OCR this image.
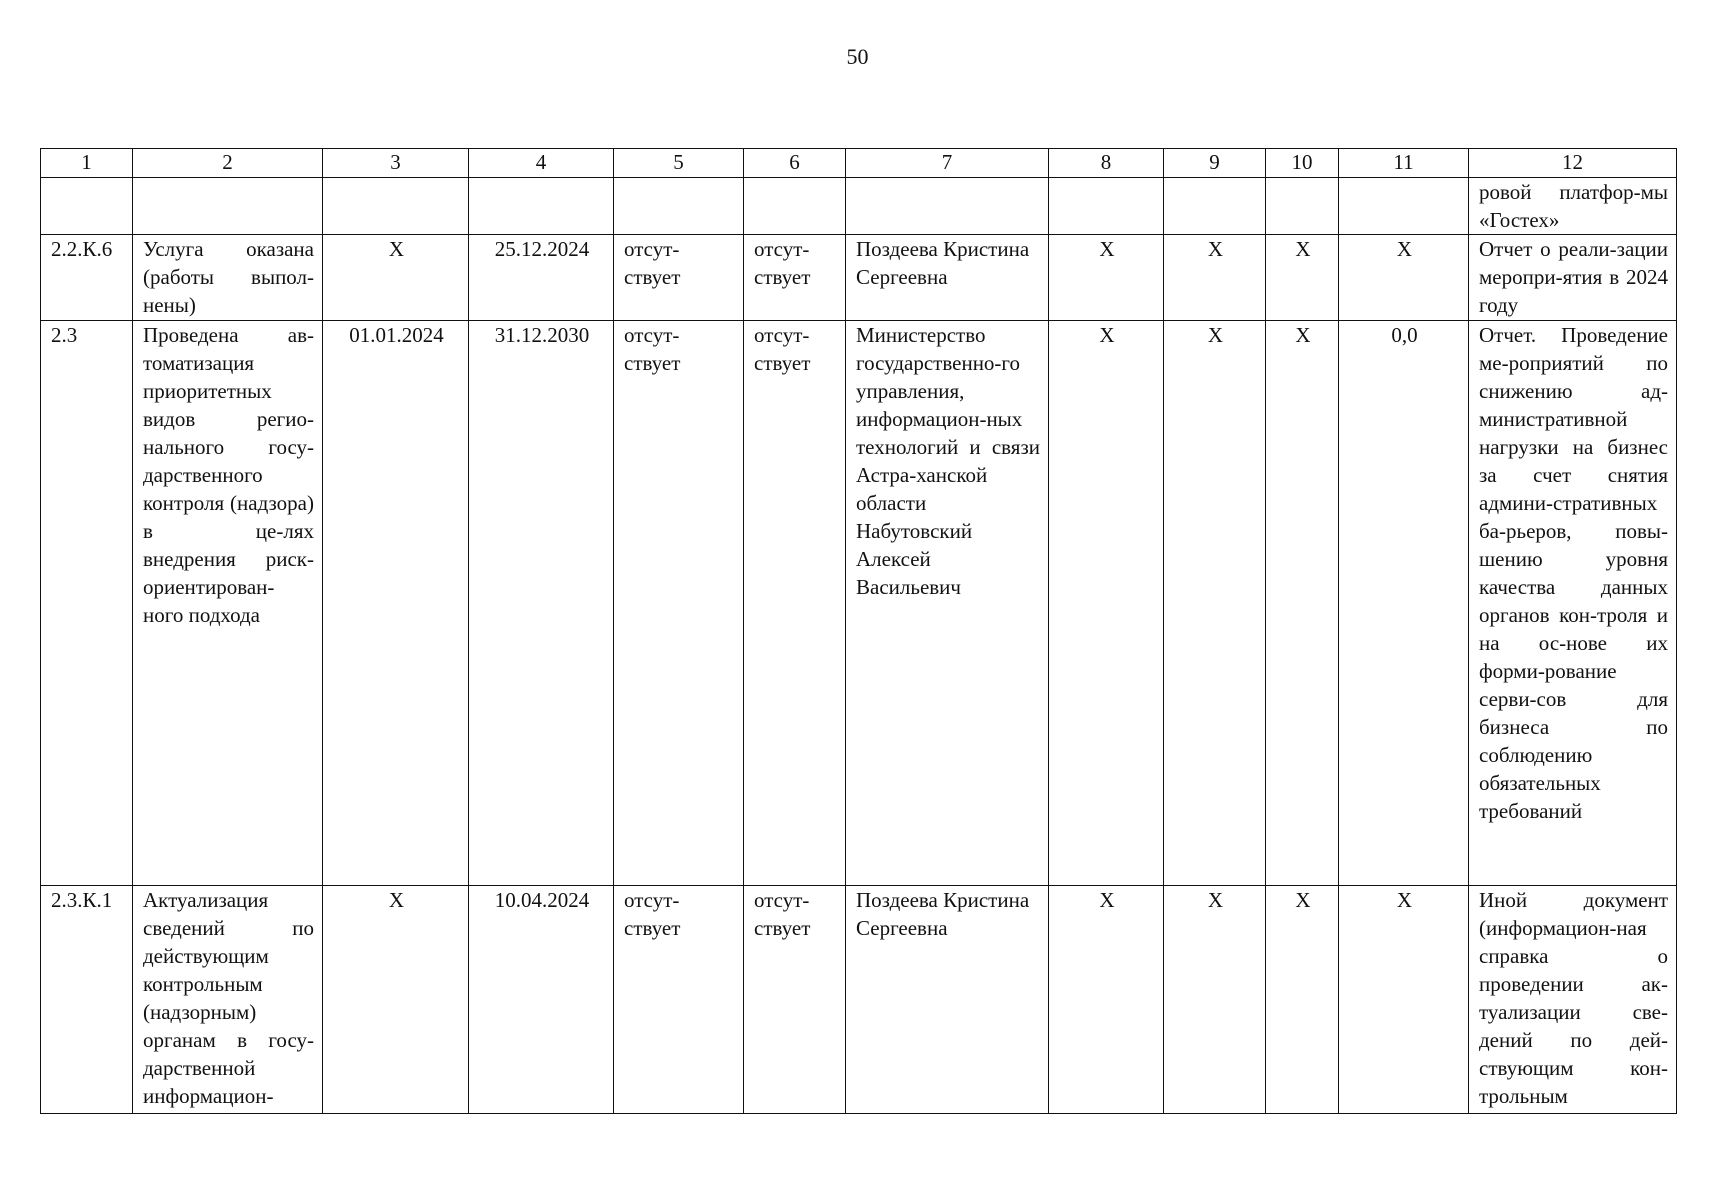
50
1	2	3	4	5	6	7	8	9	10	11	12
											ровой платфор-мы «Гостех»
2.2.К.6	Услуга оказана (работы выпол-нены)	Х	25.12.2024	отсут-ствует	отсут-ствует	Поздеева Кристина Сергеевна	Х	Х	Х	Х	Отчет о реали-зации меропри-ятия в 2024 году
2.3	Проведена ав-томатизация приоритетных видов регио-нального госу-дарственного контроля (надзора) в це-лях внедрения риск-ориентирован-ного подхода	01.01.2024	31.12.2030	отсут-ствует	отсут-ствует	Министерство государственно-го управления, информацион-ных технологий и связи Астра-ханской области Набутовский Алексей Васильевич	Х	Х	Х	0,0	Отчет. Проведение ме-роприятий по снижению ад-министративной нагрузки на бизнес за счет снятия админи-стративных ба-рьеров, повы-шению уровня качества данных органов кон-троля и на ос-нове их форми-рование серви-сов для бизнеса по соблюдению обязательных требований
2.3.К.1	Актуализация сведений по действующим контрольным (надзорным) органам в госу-дарственной информацион-	Х	10.04.2024	отсут-ствует	отсут-ствует	Поздеева Кристина Сергеевна	Х	Х	Х	Х	Иной документ (информацион-ная справка о проведении ак-туализации све-дений по дей-ствующим кон-трольным
